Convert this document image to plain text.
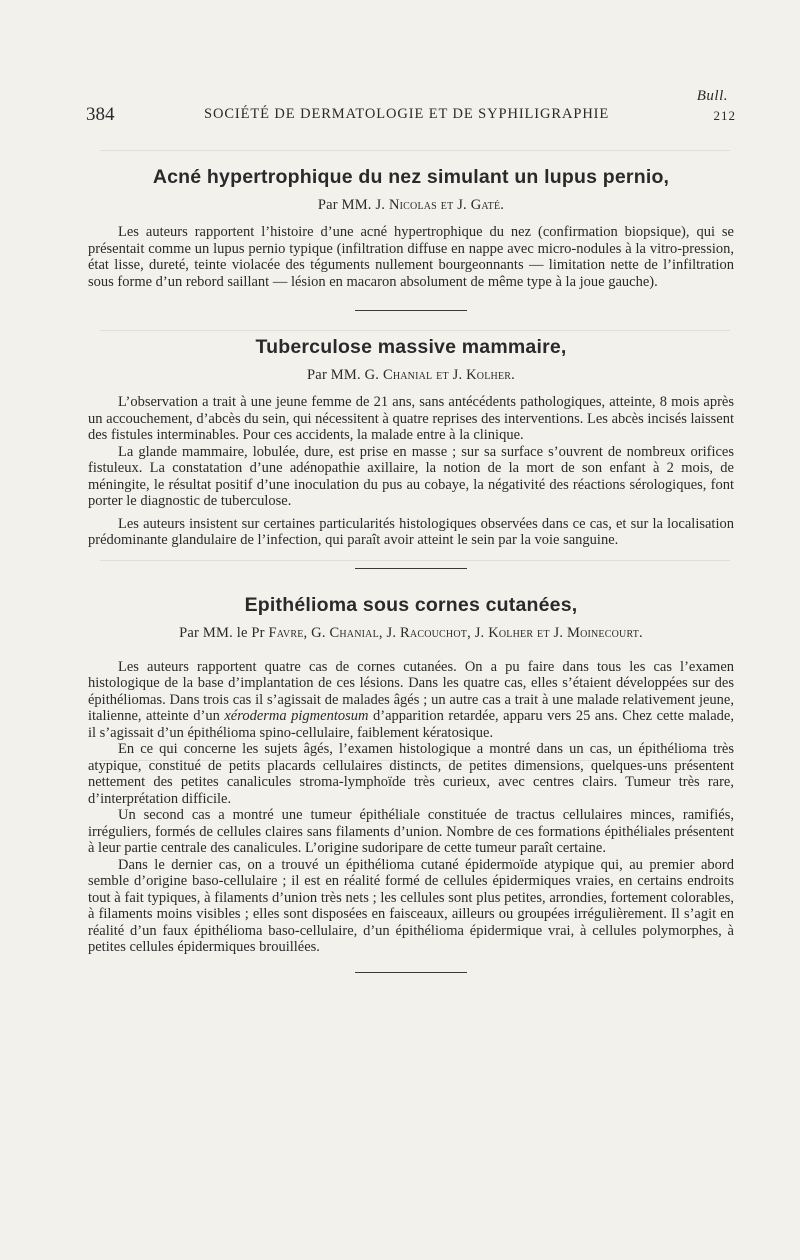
Bull.
384	SOCIÉTÉ DE DERMATOLOGIE ET DE SYPHILIGRAPHIE	212
Acné hypertrophique du nez simulant un lupus pernio,

Par MM. J. Nicolas et J. Gaté.

Les auteurs rapportent l’histoire d’une acné hypertrophique du nez (confirmation biopsique), qui se présentait comme un lupus pernio typique (infiltration diffuse en nappe avec micro-nodules à la vitro-pression, état lisse, dureté, teinte violacée des téguments nullement bourgeonnants — limitation nette de l’infiltration sous forme d’un rebord saillant — lésion en macaron absolument de même type à la joue gauche).

Tuberculose massive mammaire,

Par MM. G. Chanial et J. Kolher.

L’observation a trait à une jeune femme de 21 ans, sans antécédents pathologiques, atteinte, 8 mois après un accouchement, d’abcès du sein, qui nécessitent à quatre reprises des interventions. Les abcès incisés laissent des fistules interminables. Pour ces accidents, la malade entre à la clinique.

La glande mammaire, lobulée, dure, est prise en masse ; sur sa surface s’ouvrent de nombreux orifices fistuleux. La constatation d’une adénopathie axillaire, la notion de la mort de son enfant à 2 mois, de méningite, le résultat positif d’une inoculation du pus au cobaye, la négativité des réactions sérologiques, font porter le diagnostic de tuberculose.

Les auteurs insistent sur certaines particularités histologiques observées dans ce cas, et sur la localisation prédominante glandulaire de l’infection, qui paraît avoir atteint le sein par la voie sanguine.

Epithélioma sous cornes cutanées,

Par MM. le Pr Favre, G. Chanial, J. Racouchot, J. Kolher et J. Moinecourt.

Les auteurs rapportent quatre cas de cornes cutanées. On a pu faire dans tous les cas l’examen histologique de la base d’implantation de ces lésions. Dans les quatre cas, elles s’étaient développées sur des épithéliomas. Dans trois cas il s’agissait de malades âgés ; un autre cas a trait à une malade relativement jeune, italienne, atteinte d’un xéroderma pigmentosum d’apparition retardée, apparu vers 25 ans. Chez cette malade, il s’agissait d’un épithélioma spino-cellulaire, faiblement kératosique.

En ce qui concerne les sujets âgés, l’examen histologique a montré dans un cas, un épithélioma très atypique, constitué de petits placards cellulaires distincts, de petites dimensions, quelques-uns présentent nettement des petites canalicules stroma-lymphoïde très curieux, avec centres clairs. Tumeur très rare, d’interprétation difficile.

Un second cas a montré une tumeur épithéliale constituée de tractus cellulaires minces, ramifiés, irréguliers, formés de cellules claires sans filaments d’union. Nombre de ces formations épithéliales présentent à leur partie centrale des canalicules. L’origine sudoripare de cette tumeur paraît certaine.

Dans le dernier cas, on a trouvé un épithélioma cutané épidermoïde atypique qui, au premier abord semble d’origine baso-cellulaire ; il est en réalité formé de cellules épidermiques vraies, en certains endroits tout à fait typiques, à filaments d’union très nets ; les cellules sont plus petites, arrondies, fortement colorables, à filaments moins visibles ; elles sont disposées en faisceaux, ailleurs ou groupées irrégulièrement. Il s’agit en réalité d’un faux épithélioma baso-cellulaire, d’un épithélioma épidermique vrai, à cellules polymorphes, à petites cellules épidermiques brouillées.
